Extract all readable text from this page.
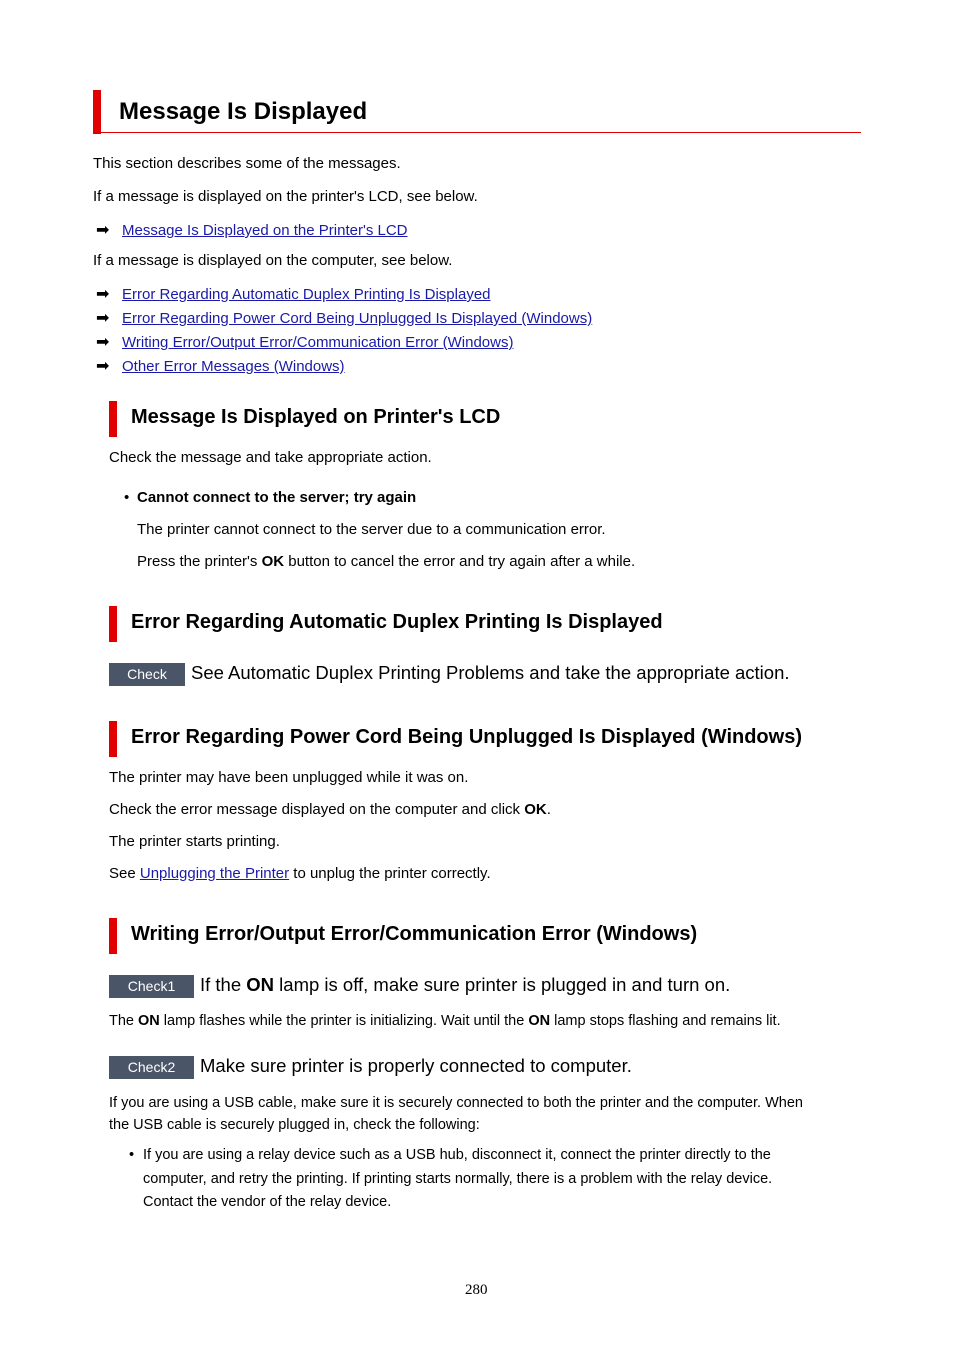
Message Is Displayed
This section describes some of the messages.
If a message is displayed on the printer's LCD, see below.
➡ Message Is Displayed on the Printer's LCD
If a message is displayed on the computer, see below.
➡ Error Regarding Automatic Duplex Printing Is Displayed
➡ Error Regarding Power Cord Being Unplugged Is Displayed (Windows)
➡ Writing Error/Output Error/Communication Error (Windows)
➡ Other Error Messages (Windows)
Message Is Displayed on Printer's LCD
Check the message and take appropriate action.
• Cannot connect to the server; try again
The printer cannot connect to the server due to a communication error.
Press the printer's OK button to cancel the error and try again after a while.
Error Regarding Automatic Duplex Printing Is Displayed
Check	See Automatic Duplex Printing Problems and take the appropriate action.
Error Regarding Power Cord Being Unplugged Is Displayed (Windows)
The printer may have been unplugged while it was on.
Check the error message displayed on the computer and click OK.
The printer starts printing.
See Unplugging the Printer to unplug the printer correctly.
Writing Error/Output Error/Communication Error (Windows)
Check1	If the ON lamp is off, make sure printer is plugged in and turn on.
The ON lamp flashes while the printer is initializing. Wait until the ON lamp stops flashing and remains lit.
Check2	Make sure printer is properly connected to computer.
If you are using a USB cable, make sure it is securely connected to both the printer and the computer. When
the USB cable is securely plugged in, check the following:
• If you are using a relay device such as a USB hub, disconnect it, connect the printer directly to the
computer, and retry the printing. If printing starts normally, there is a problem with the relay device.
Contact the vendor of the relay device.
280
